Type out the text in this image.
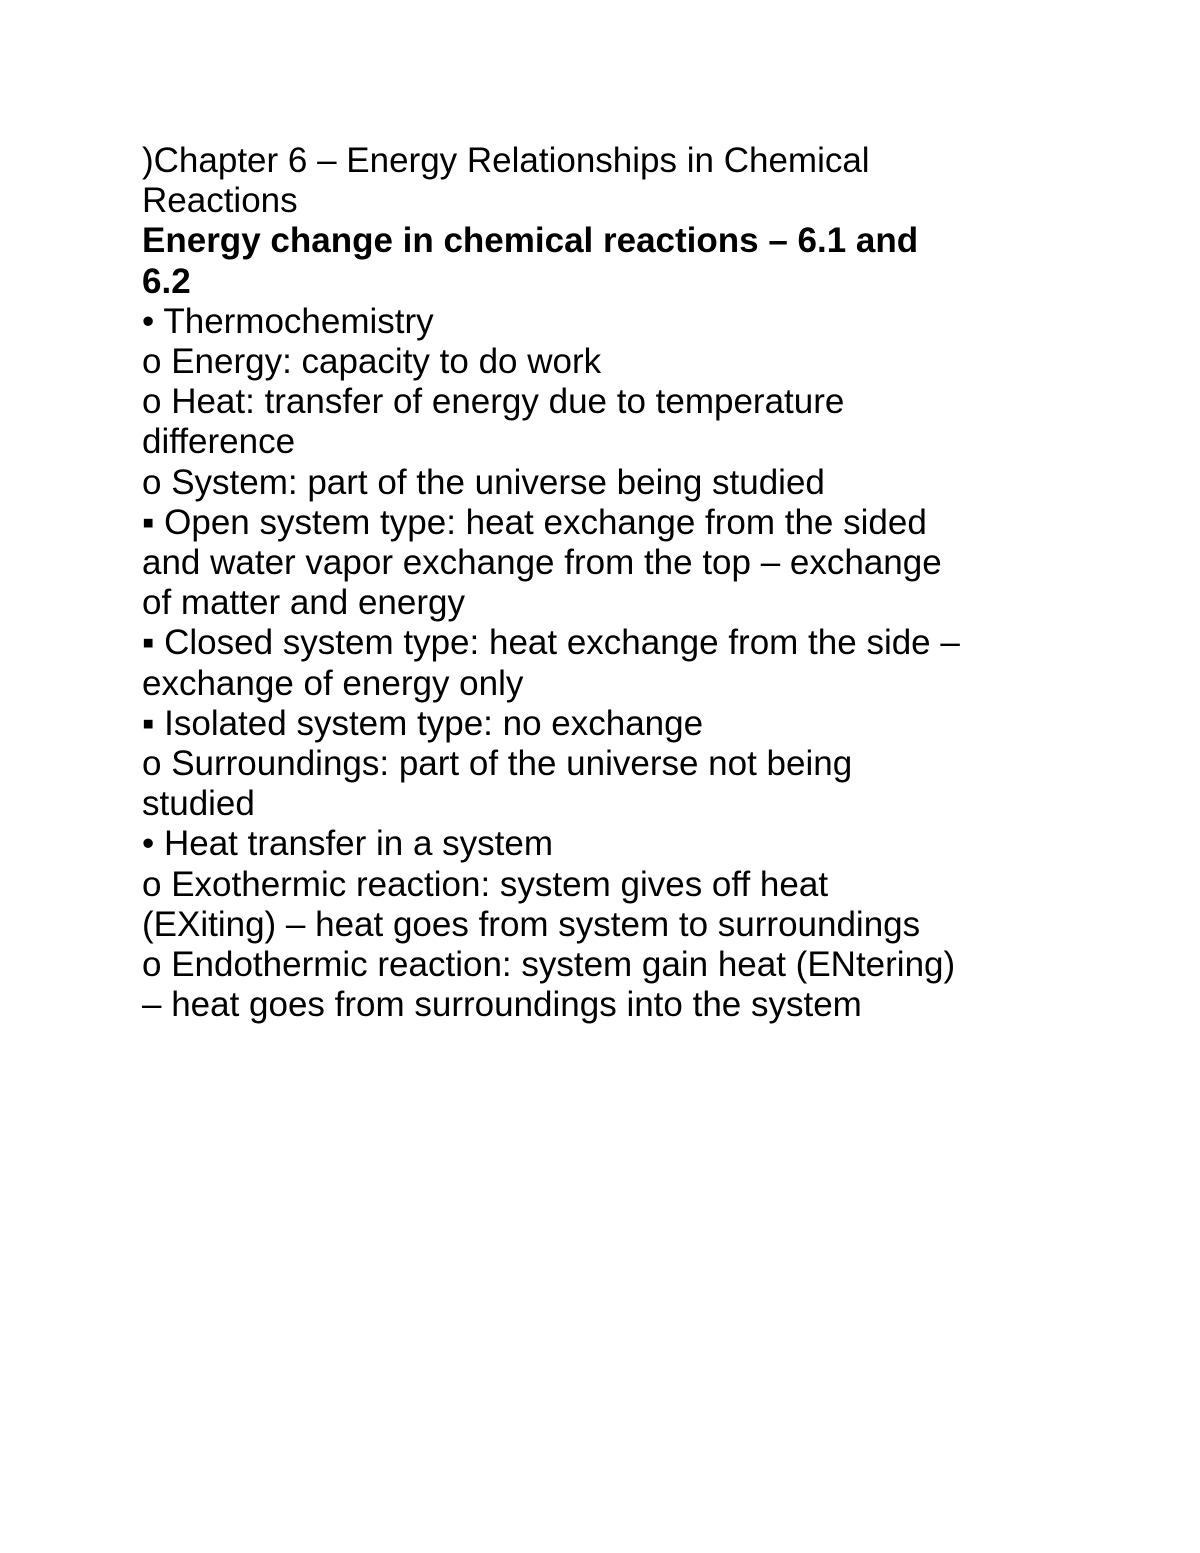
)Chapter 6 – Energy Relationships in Chemical
Reactions
Energy change in chemical reactions – 6.1 and
6.2
• Thermochemistry
o Energy: capacity to do work
o Heat: transfer of energy due to temperature
difference
o System: part of the universe being studied
▪ Open system type: heat exchange from the sided
and water vapor exchange from the top – exchange
of matter and energy
▪ Closed system type: heat exchange from the side –
exchange of energy only
▪ Isolated system type: no exchange
o Surroundings: part of the universe not being
studied
• Heat transfer in a system
o Exothermic reaction: system gives off heat
(EXiting) – heat goes from system to surroundings
o Endothermic reaction: system gain heat (ENtering)
– heat goes from surroundings into the system
